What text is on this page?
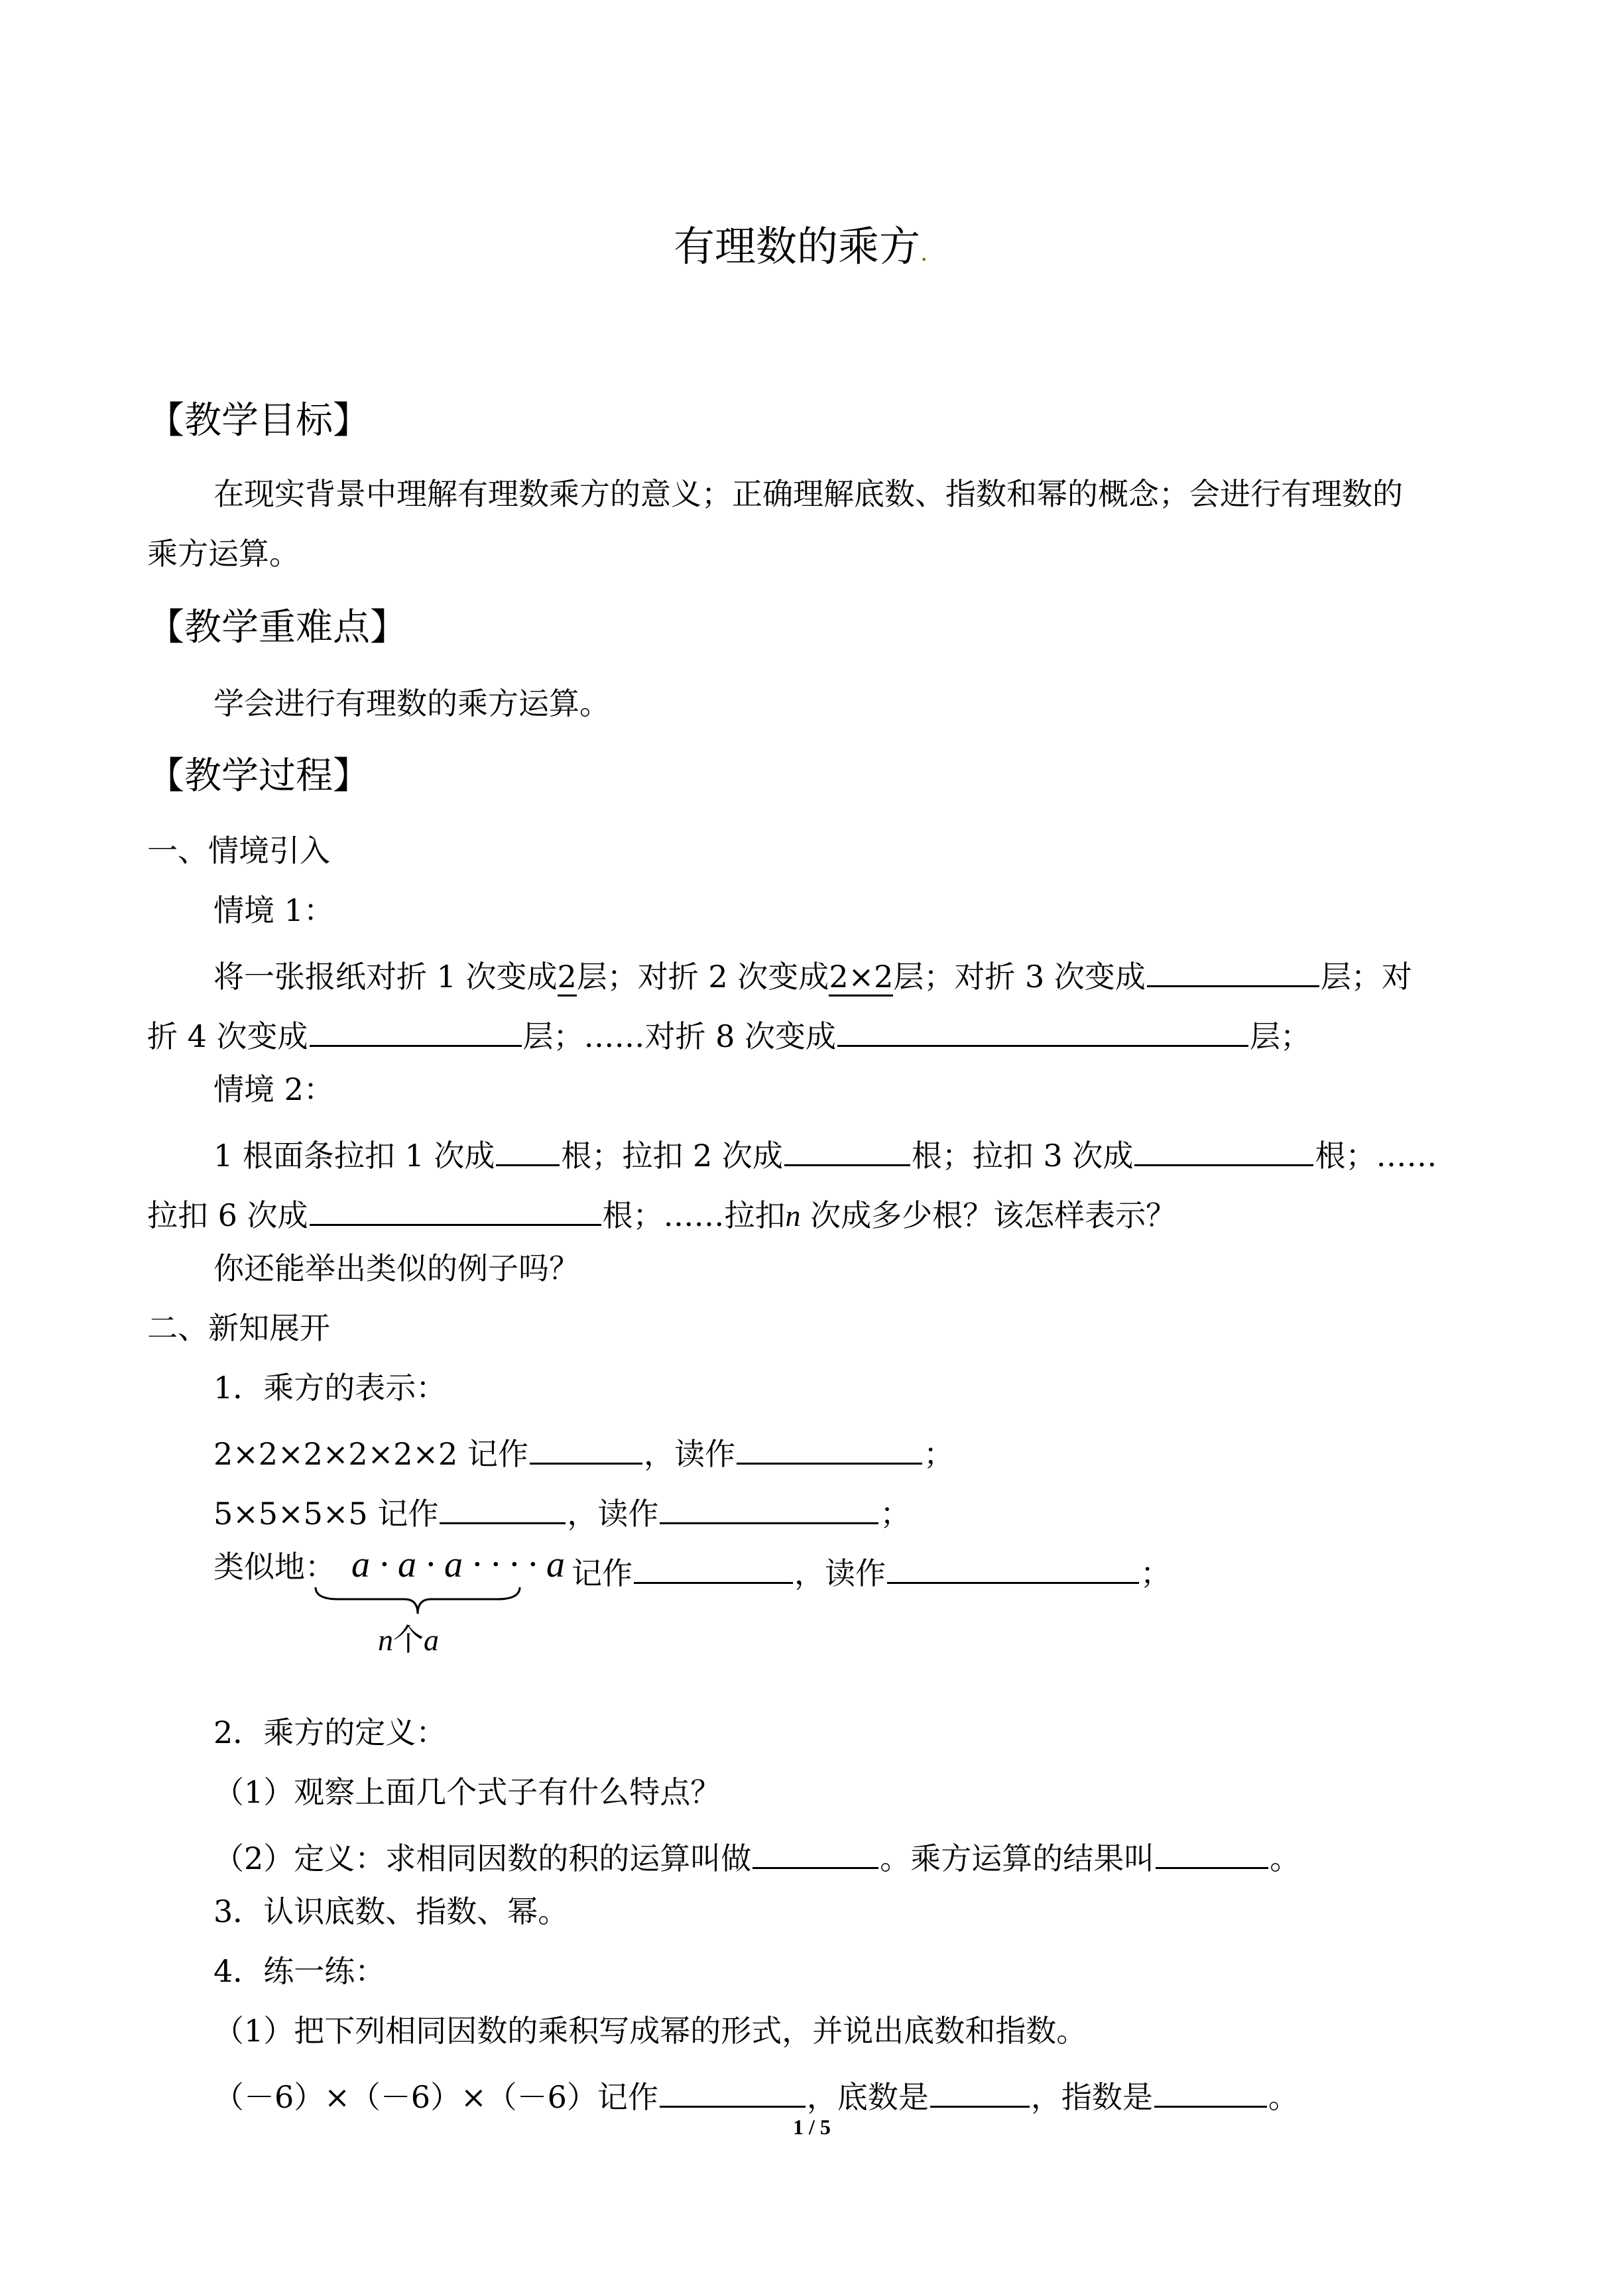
有理数的乘方.
【教学目标】
在现实背景中理解有理数乘方的意义；正确理解底数、指数和幂的概念；会进行有理数的
乘方运算。
【教学重难点】
学会进行有理数的乘方运算。
【教学过程】
一、情境引入
情境 1：
将一张报纸对折 1 次变成2层；对折 2 次变成2×2层；对折 3 次变成	层；对
折 4 次变成	层；……对折 8 次变成	层；
情境 2：
1 根面条拉扣 1 次成 根；拉扣 2 次成	根；拉扣 3 次成	根；……
拉扣 6 次成	根；……拉扣n 次成多少根？该怎样表示？
你还能举出类似的例子吗？
二、新知展开
1．乘方的表示：
2×2×2×2×2×2 记作	，读作	；
5×5×5×5 记作	，读作	；
类似地： a · a · a · · · · a 记作	，读作	；
n个a
2．乘方的定义：
（1）观察上面几个式子有什么特点？
（2）定义：求相同因数的积的运算叫做	。乘方运算的结果叫	。
3．认识底数、指数、幂。
4．练一练：
（1）把下列相同因数的乘积写成幂的形式，并说出底数和指数。
（－6）×（－6）×（－6）记作	，底数是	，指数是	。
1 / 5
